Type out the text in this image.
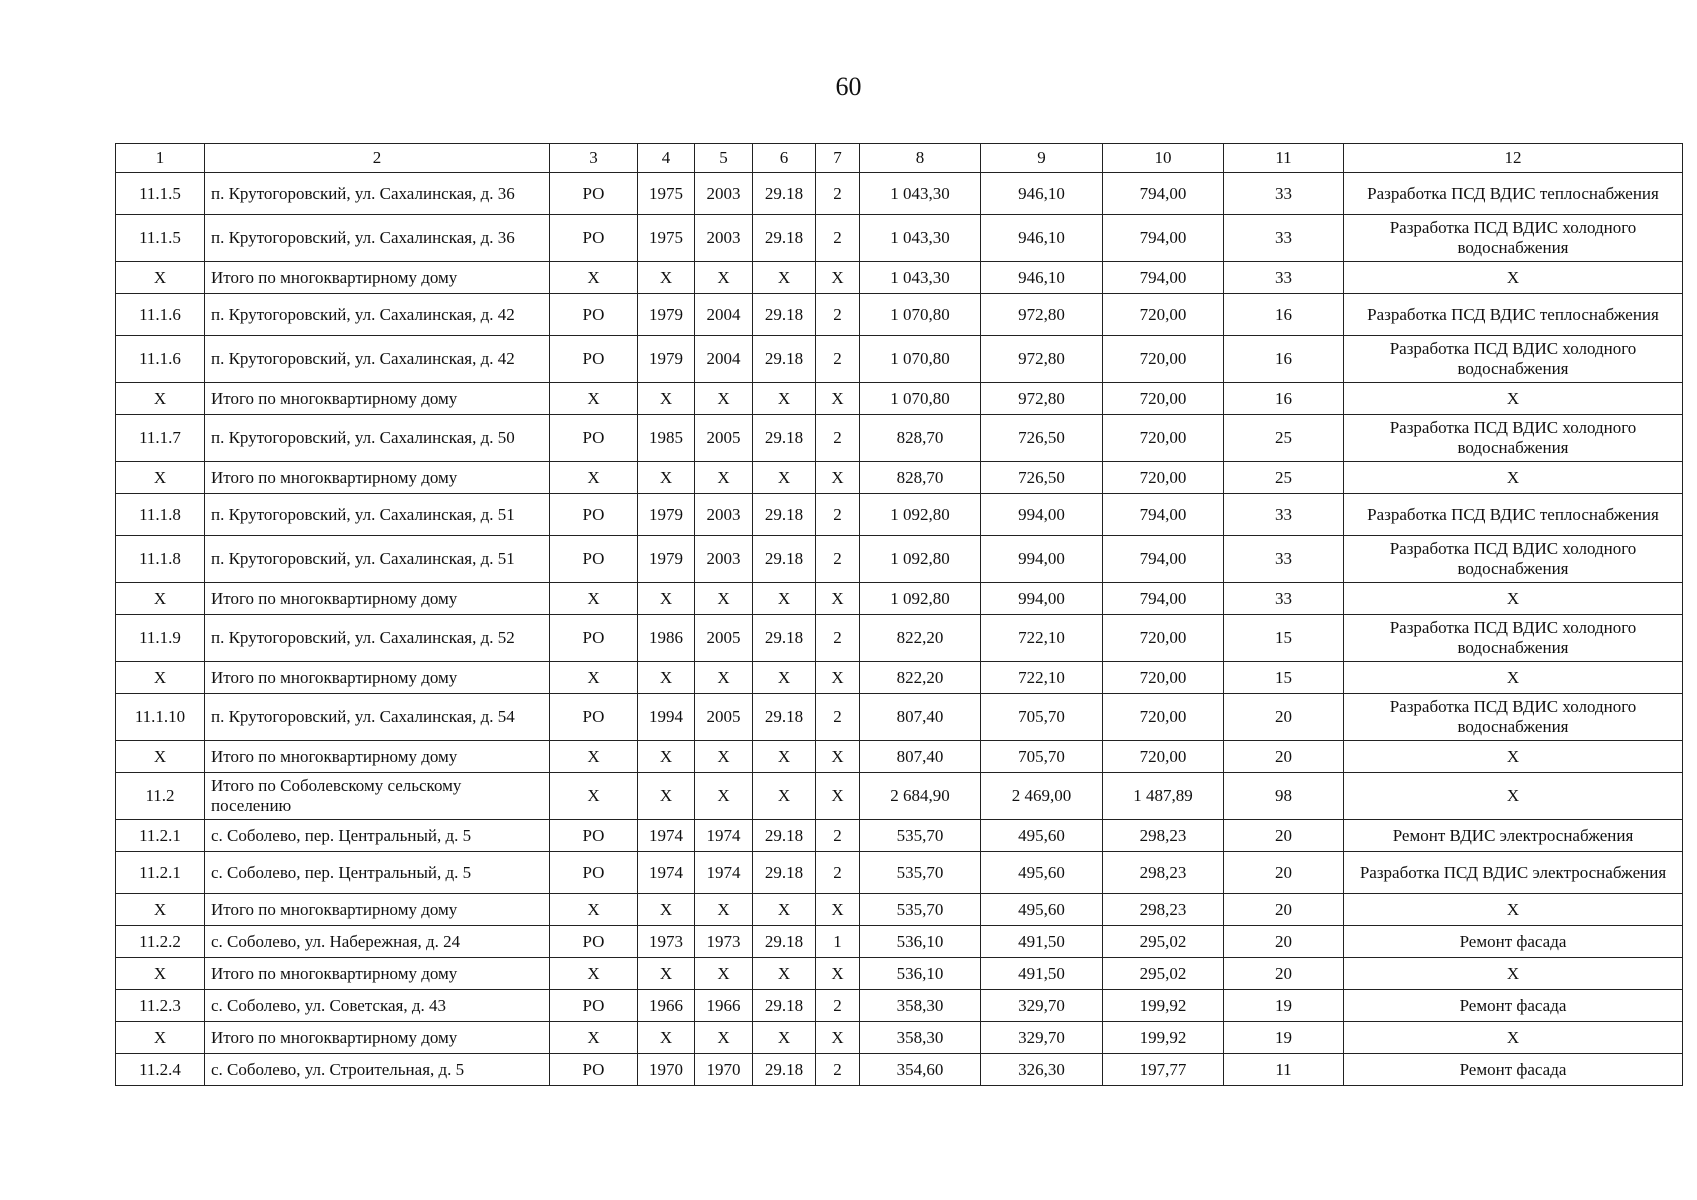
60
1	2	3	4	5	6	7	8	9	10	11	12
11.1.5	п. Крутогоровский, ул. Сахалинская, д. 36	РО	1975	2003	29.18	2	1 043,30	946,10	794,00	33	Разработка ПСД ВДИС теплоснабжения
11.1.5	п. Крутогоровский, ул. Сахалинская, д. 36	РО	1975	2003	29.18	2	1 043,30	946,10	794,00	33	Разработка ПСД ВДИС холодного водоснабжения
Х	Итого по многоквартирному дому	Х	Х	Х	Х	Х	1 043,30	946,10	794,00	33	Х
11.1.6	п. Крутогоровский, ул. Сахалинская, д. 42	РО	1979	2004	29.18	2	1 070,80	972,80	720,00	16	Разработка ПСД ВДИС теплоснабжения
11.1.6	п. Крутогоровский, ул. Сахалинская, д. 42	РО	1979	2004	29.18	2	1 070,80	972,80	720,00	16	Разработка ПСД ВДИС холодного водоснабжения
Х	Итого по многоквартирному дому	Х	Х	Х	Х	Х	1 070,80	972,80	720,00	16	Х
11.1.7	п. Крутогоровский, ул. Сахалинская, д. 50	РО	1985	2005	29.18	2	828,70	726,50	720,00	25	Разработка ПСД ВДИС холодного водоснабжения
Х	Итого по многоквартирному дому	Х	Х	Х	Х	Х	828,70	726,50	720,00	25	Х
11.1.8	п. Крутогоровский, ул. Сахалинская, д. 51	РО	1979	2003	29.18	2	1 092,80	994,00	794,00	33	Разработка ПСД ВДИС теплоснабжения
11.1.8	п. Крутогоровский, ул. Сахалинская, д. 51	РО	1979	2003	29.18	2	1 092,80	994,00	794,00	33	Разработка ПСД ВДИС холодного водоснабжения
Х	Итого по многоквартирному дому	Х	Х	Х	Х	Х	1 092,80	994,00	794,00	33	Х
11.1.9	п. Крутогоровский, ул. Сахалинская, д. 52	РО	1986	2005	29.18	2	822,20	722,10	720,00	15	Разработка ПСД ВДИС холодного водоснабжения
Х	Итого по многоквартирному дому	Х	Х	Х	Х	Х	822,20	722,10	720,00	15	Х
11.1.10	п. Крутогоровский, ул. Сахалинская, д. 54	РО	1994	2005	29.18	2	807,40	705,70	720,00	20	Разработка ПСД ВДИС холодного водоснабжения
Х	Итого по многоквартирному дому	Х	Х	Х	Х	Х	807,40	705,70	720,00	20	Х
11.2	Итого по Соболевскому сельскому поселению	Х	Х	Х	Х	Х	2 684,90	2 469,00	1 487,89	98	Х
11.2.1	с. Соболево, пер. Центральный, д. 5	РО	1974	1974	29.18	2	535,70	495,60	298,23	20	Ремонт ВДИС электроснабжения
11.2.1	с. Соболево, пер. Центральный, д. 5	РО	1974	1974	29.18	2	535,70	495,60	298,23	20	Разработка ПСД ВДИС электроснабжения
Х	Итого по многоквартирному дому	Х	Х	Х	Х	Х	535,70	495,60	298,23	20	Х
11.2.2	с. Соболево, ул. Набережная, д. 24	РО	1973	1973	29.18	1	536,10	491,50	295,02	20	Ремонт фасада
Х	Итого по многоквартирному дому	Х	Х	Х	Х	Х	536,10	491,50	295,02	20	Х
11.2.3	с. Соболево, ул. Советская, д. 43	РО	1966	1966	29.18	2	358,30	329,70	199,92	19	Ремонт фасада
Х	Итого по многоквартирному дому	Х	Х	Х	Х	Х	358,30	329,70	199,92	19	Х
11.2.4	с. Соболево, ул. Строительная, д. 5	РО	1970	1970	29.18	2	354,60	326,30	197,77	11	Ремонт фасада
